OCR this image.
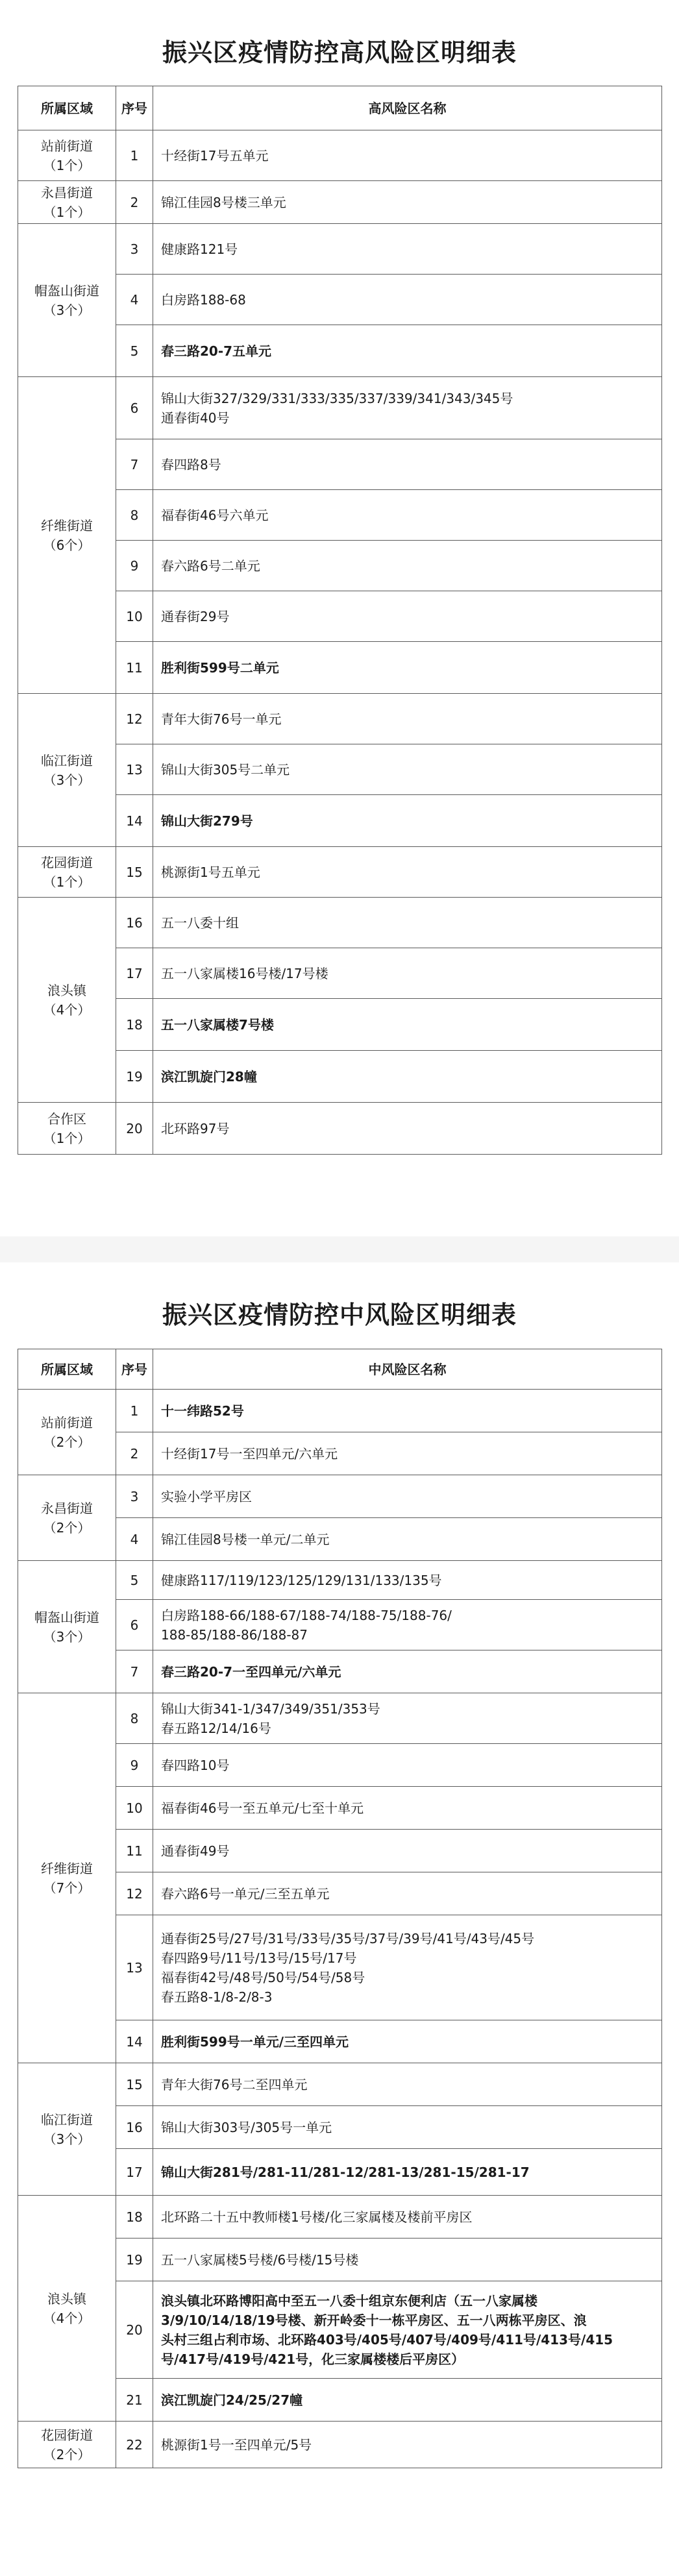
振兴区疫情防控高风险区明细表
所属区域	序号	高风险区名称

站前街道
（1个）	1	十经街17号五单元

永昌街道
（1个）	2	锦江佳园8号楼三单元

帽盔山街道
（3个）	3	健康路121号
	4	白房路188-68
	5	春三路20-7五单元

纤维街道
（6个）	6	锦山大街327/329/331/333/335/337/339/341/343/345号
通春街40号
	7	春四路8号
	8	福春街46号六单元
	9	春六路6号二单元
	10	通春街29号
	11	胜利街599号二单元

临江街道
（3个）	12	青年大街76号一单元
	13	锦山大街305号二单元
	14	锦山大街279号

花园街道
（1个）	15	桃源街1号五单元

浪头镇
（4个）	16	五一八委十组
	17	五一八家属楼16号楼/17号楼
	18	五一八家属楼7号楼
	19	滨江凯旋门28幢

合作区
（1个）	20	北环路97号
振兴区疫情防控中风险区明细表
所属区域	序号	中风险区名称

站前街道
（2个）	1	十一纬路52号
	2	十经街17号一至四单元/六单元

永昌街道
（2个）	3	实验小学平房区
	4	锦江佳园8号楼一单元/二单元

帽盔山街道
（3个）	5	健康路117/119/123/125/129/131/133/135号
	6	白房路188-66/188-67/188-74/188-75/188-76/
188-85/188-86/188-87
	7	春三路20-7一至四单元/六单元

纤维街道
（7个）	8	锦山大街341-1/347/349/351/353号
春五路12/14/16号
	9	春四路10号
	10	福春街46号一至五单元/七至十单元
	11	通春街49号
	12	春六路6号一单元/三至五单元
	13	通春街25号/27号/31号/33号/35号/37号/39号/41号/43号/45号
春四路9号/11号/13号/15号/17号
福春街42号/48号/50号/54号/58号
春五路8-1/8-2/8-3
	14	胜利街599号一单元/三至四单元

临江街道
（3个）	15	青年大街76号二至四单元
	16	锦山大街303号/305号一单元
	17	锦山大街281号/281-11/281-12/281-13/281-15/281-17

浪头镇
（4个）	18	北环路二十五中教师楼1号楼/化三家属楼及楼前平房区
	19	五一八家属楼5号楼/6号楼/15号楼
	20	浪头镇北环路博阳高中至五一八委十组京东便利店（五一八家属楼
3/9/10/14/18/19号楼、新开岭委十一栋平房区、五一八两栋平房区、浪
头村三组占利市场、北环路403号/405号/407号/409号/411号/413号/415
号/417号/419号/421号，化三家属楼楼后平房区）
	21	滨江凯旋门24/25/27幢

花园街道
（2个）	22	桃源街1号一至四单元/5号
